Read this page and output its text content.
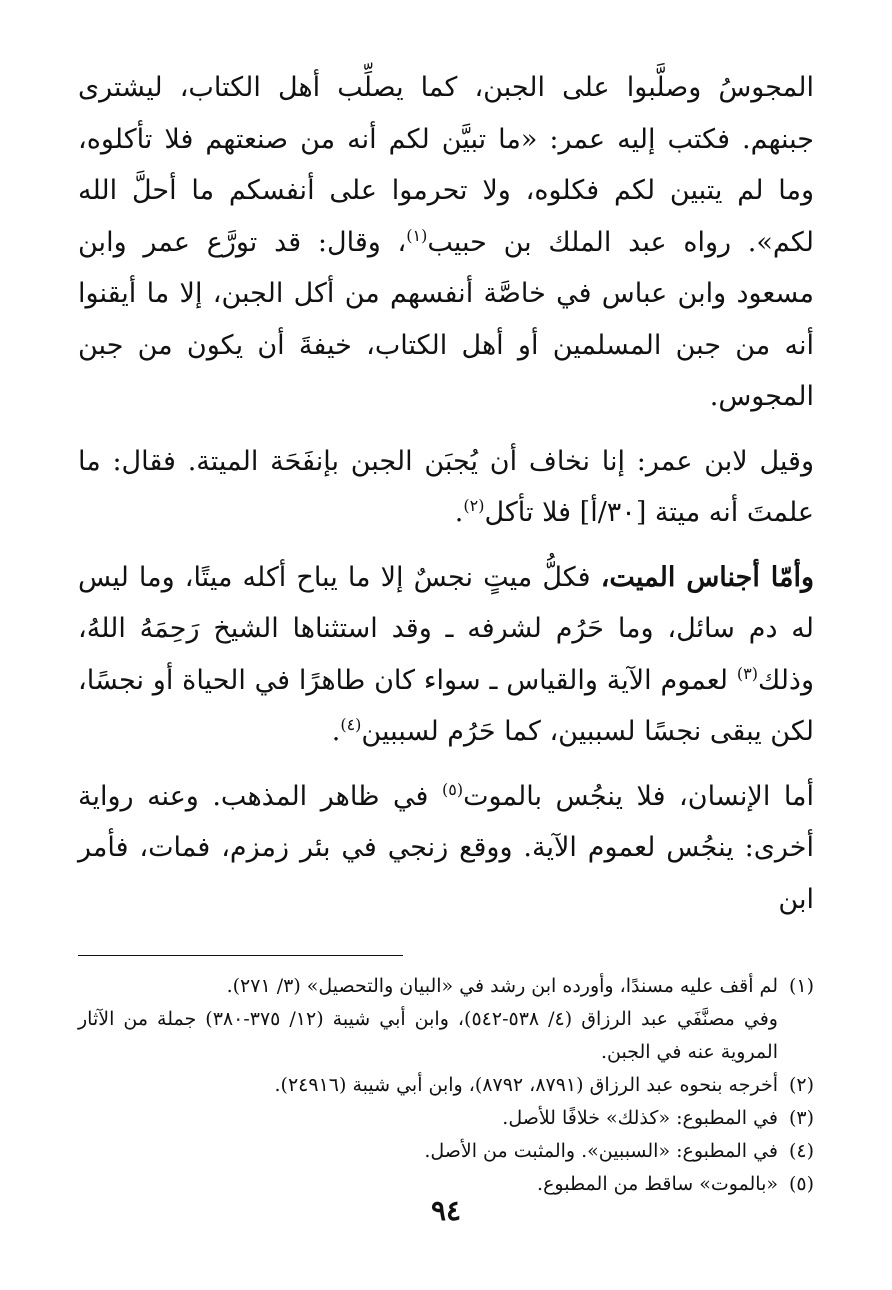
المجوسُ وصلَّبوا على الجبن، كما يصلِّب أهل الكتاب، ليشترى جبنهم. فكتب إليه عمر: «ما تبيَّن لكم أنه من صنعتهم فلا تأكلوه، وما لم يتبين لكم فكلوه، ولا تحرموا على أنفسكم ما أحلَّ الله لكم». رواه عبد الملك بن حبيب$^{(١)}$، وقال: قد تورَّع عمر وابن مسعود وابن عباس في خاصَّة أنفسهم من أكل الجبن، إلا ما أيقنوا أنه من جبن المسلمين أو أهل الكتاب، خيفةَ أن يكون من جبن المجوس.

وقيل لابن عمر: إنا نخاف أن يُجبَن الجبن بإنفَحَة الميتة. فقال: ما علمتَ أنه ميتة [٣٠/أ] فلا تأكل$^{(٢)}$.

وأمّا أجناس الميت، فكلُّ ميتٍ نجسٌ إلا ما يباح أكله ميتًا، وما ليس له دم سائل، وما حَرُم لشرفه ـ وقد استثناها الشيخ رَحِمَهُ اللهُ، وذلك$^{(٣)}$ لعموم الآية والقياس ـ سواء كان طاهرًا في الحياة أو نجسًا، لكن يبقى نجسًا لسببين، كما حَرُم لسببين$^{(٤)}$.

أما الإنسان، فلا ينجُس بالموت$^{(٥)}$ في ظاهر المذهب. وعنه رواية أخرى: ينجُس لعموم الآية. ووقع زنجي في بئر زمزم، فمات، فأمر ابن

(١)
لم أقف عليه مسندًا، وأورده ابن رشد في «البيان والتحصيل» (٣/ ٢٧١).
وفي مصنَّفَي عبد الرزاق (٤/ ٥٣٨-٥٤٢)، وابن أبي شيبة (١٢/ ٣٧٥-٣٨٠) جملة من الآثار المروية عنه في الجبن.
(٢)
أخرجه بنحوه عبد الرزاق (٨٧٩١، ٨٧٩٢)، وابن أبي شيبة (٢٤٩١٦).
(٣)
في المطبوع: «كذلك» خلافًا للأصل.
(٤)
في المطبوع: «السببين». والمثبت من الأصل.
(٥)
«بالموت» ساقط من المطبوع.
٩٤
